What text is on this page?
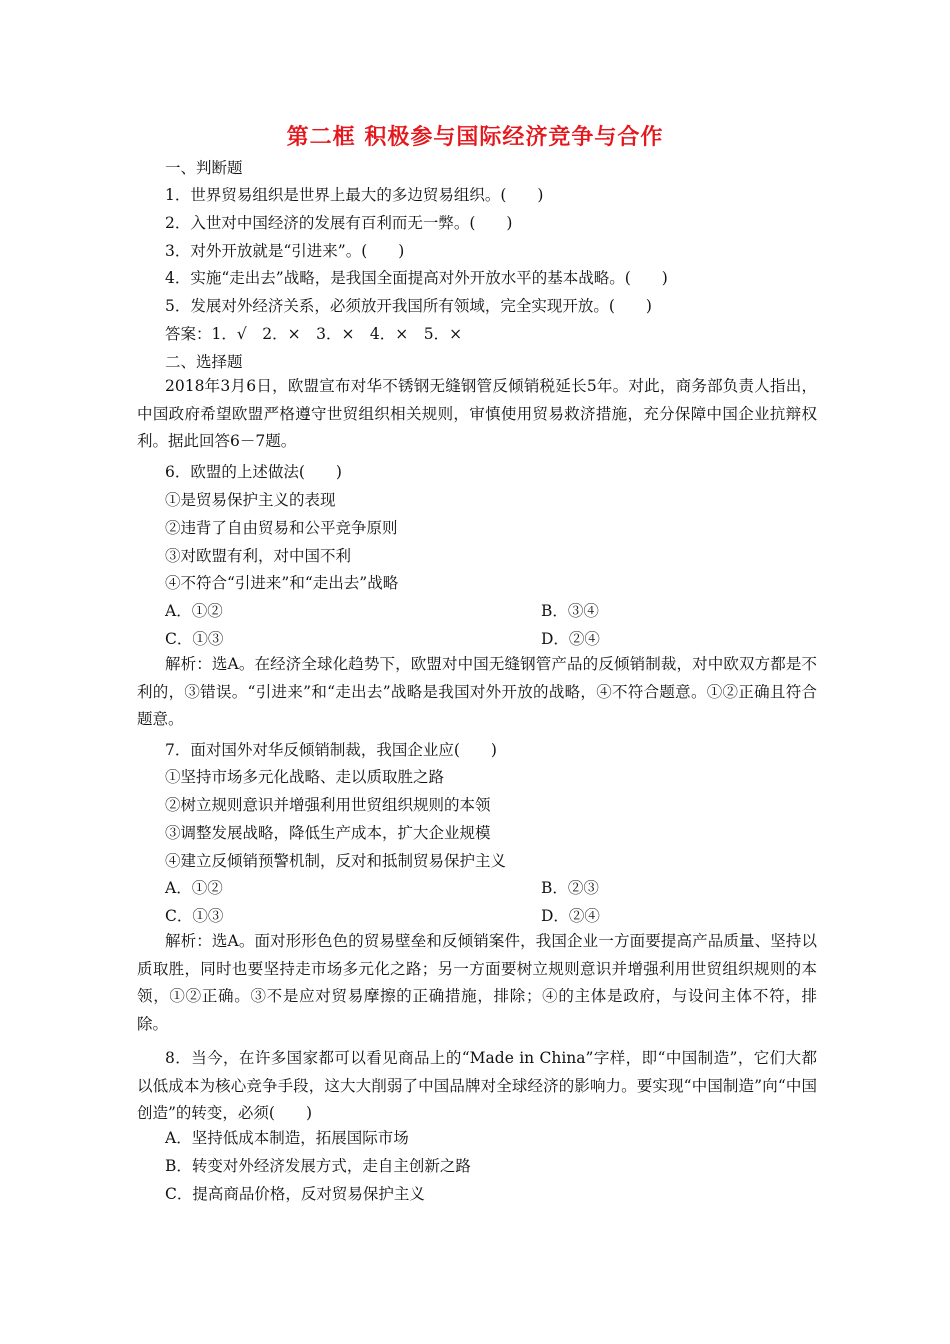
第二框 积极参与国际经济竞争与合作
一、判断题
1．世界贸易组织是世界上最大的多边贸易组织。(　　)
2．入世对中国经济的发展有百利而无一弊。(　　)
3．对外开放就是“引进来”。(　　)
4．实施“走出去”战略，是我国全面提高对外开放水平的基本战略。(　　)
5．发展对外经济关系，必须放开我国所有领域，完全实现开放。(　　)
答案：1．√　2．×　3．×　4．×　5．×
二、选择题
2018年3月6日，欧盟宣布对华不锈钢无缝钢管反倾销税延长5年。对此，商务部负责人指出，中国政府希望欧盟严格遵守世贸组织相关规则，审慎使用贸易救济措施，充分保障中国企业抗辩权利。据此回答6－7题。
6．欧盟的上述做法(　　)
①是贸易保护主义的表现
②违背了自由贸易和公平竞争原则
③对欧盟有利，对中国不利
④不符合“引进来”和“走出去”战略
A．①②	B．③④
C．①③	D．②④
解析：选A。在经济全球化趋势下，欧盟对中国无缝钢管产品的反倾销制裁，对中欧双方都是不利的，③错误。“引进来”和“走出去”战略是我国对外开放的战略，④不符合题意。①②正确且符合题意。
7．面对国外对华反倾销制裁，我国企业应(　　)
①坚持市场多元化战略、走以质取胜之路
②树立规则意识并增强利用世贸组织规则的本领
③调整发展战略，降低生产成本，扩大企业规模
④建立反倾销预警机制，反对和抵制贸易保护主义
A．①②	B．②③
C．①③	D．②④
解析：选A。面对形形色色的贸易壁垒和反倾销案件，我国企业一方面要提高产品质量、坚持以质取胜，同时也要坚持走市场多元化之路；另一方面要树立规则意识并增强利用世贸组织规则的本领，①②正确。③不是应对贸易摩擦的正确措施，排除；④的主体是政府，与设问主体不符，排除。
8．当今，在许多国家都可以看见商品上的“Made in China”字样，即“中国制造”，它们大都以低成本为核心竞争手段，这大大削弱了中国品牌对全球经济的影响力。要实现“中国制造”向“中国创造”的转变，必须(　　)
A．坚持低成本制造，拓展国际市场
B．转变对外经济发展方式，走自主创新之路
C．提高商品价格，反对贸易保护主义
